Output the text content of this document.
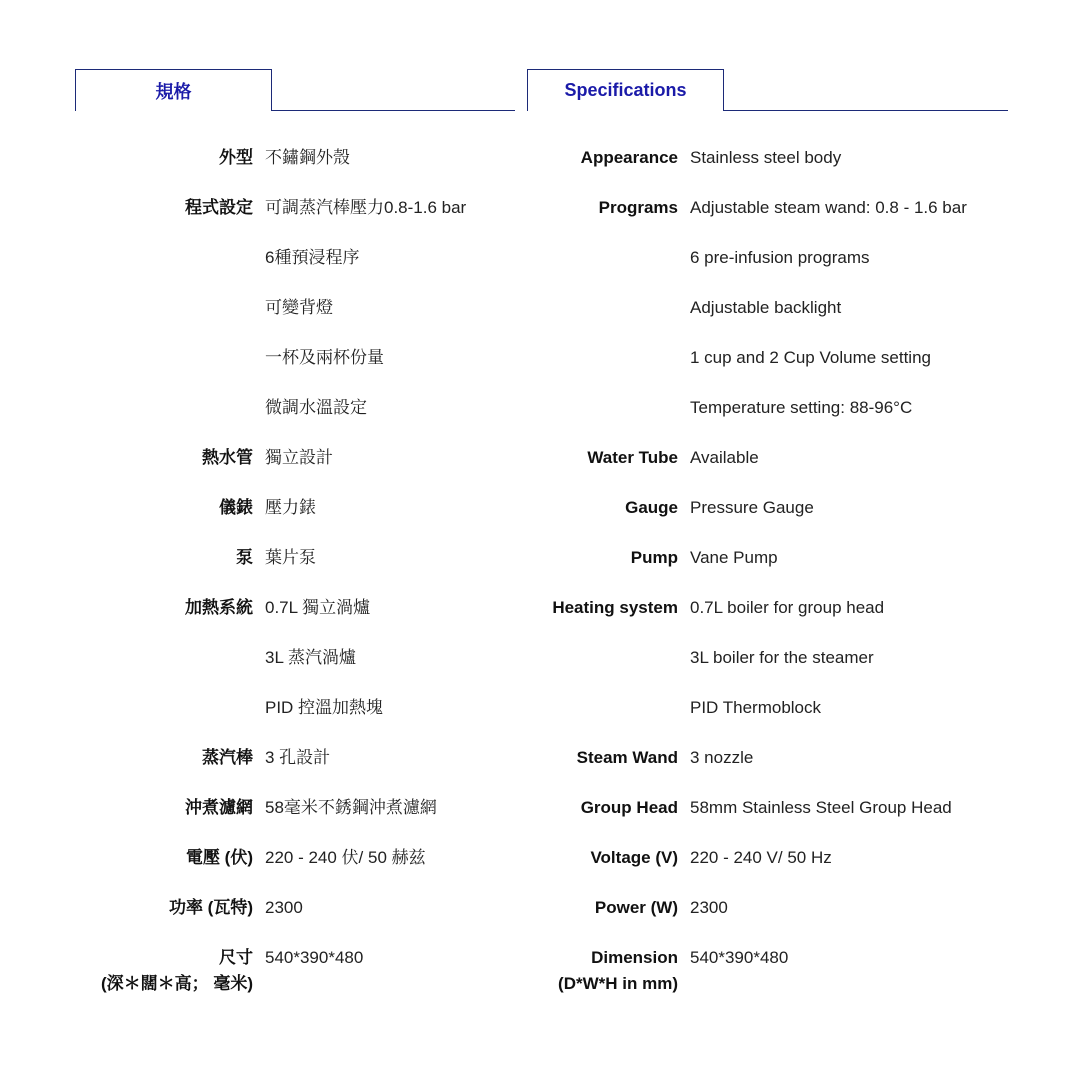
規格
外型 不鏽鋼外殼
程式設定 可調蒸汽棒壓力0.8-1.6 bar
6種預浸程序
可變背燈
一杯及兩杯份量
微調水溫設定
熱水管 獨立設計
儀錶 壓力錶
泵 葉片泵
加熱系統 0.7L 獨立渦爐
3L 蒸汽渦爐
PID 控溫加熱塊
蒸汽棒 3 孔設計
沖煮濾網 58毫米不銹鋼沖煮濾網
電壓 (伏) 220 - 240 伏/ 50 赫兹
功率 (瓦特) 2300
尺寸
(深＊闊＊高； 毫米)
540*390*480
Specifications
Appearance Stainless steel body
Programs Adjustable steam wand: 0.8 - 1.6 bar
6 pre-infusion programs
Adjustable backlight
1 cup and 2 Cup Volume setting
Temperature setting: 88-96°C
Water Tube Available
Gauge Pressure Gauge
Pump Vane Pump
Heating system 0.7L boiler for group head
3L boiler for the steamer
PID Thermoblock
Steam Wand 3 nozzle
Group Head 58mm Stainless Steel Group Head
Voltage (V) 220 - 240 V/ 50 Hz
Power (W) 2300
Dimension
(D*W*H in mm)
540*390*480
